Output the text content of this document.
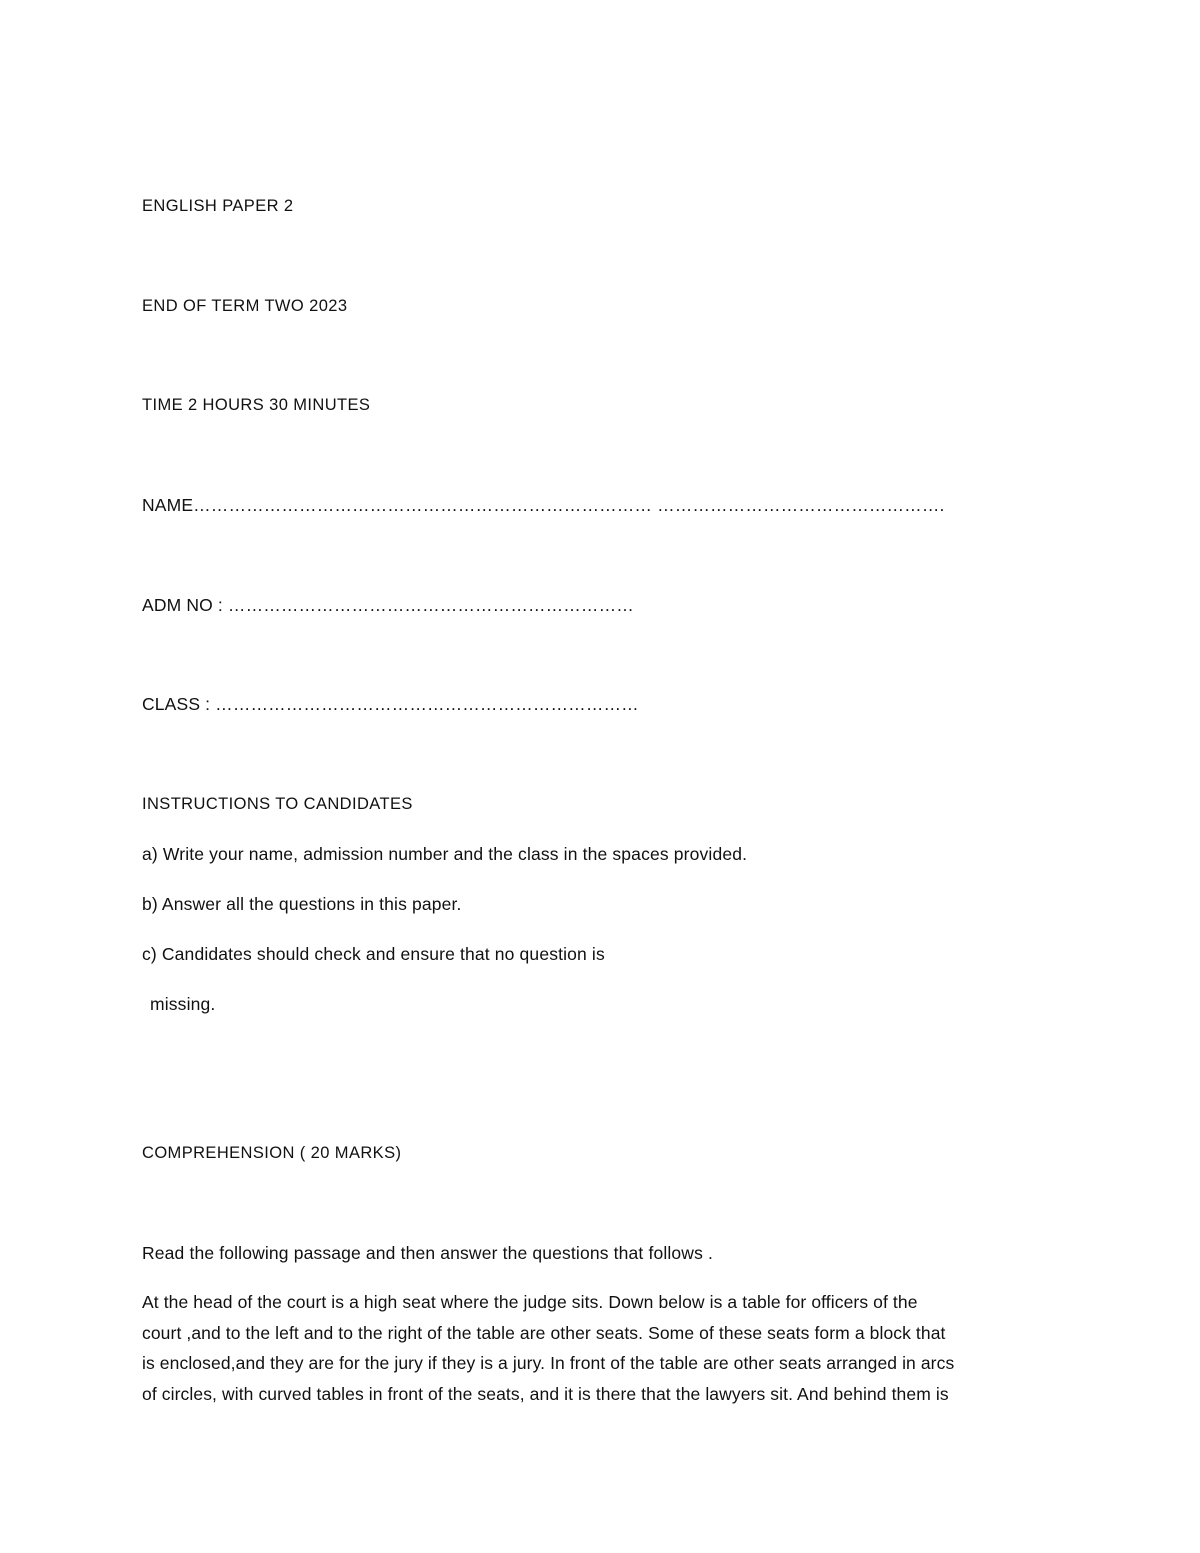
ENGLISH PAPER 2
END OF TERM TWO 2023
TIME 2 HOURS 30 MINUTES
NAME…………………………………………………………………… ………………………………………….
ADM NO : ……………………………………………………………
CLASS : ………………………………………………………………
INSTRUCTIONS TO CANDIDATES
a) Write your name, admission number and the class in the spaces provided.
b) Answer all the questions in this paper.
c) Candidates should check and ensure that no question is
missing.
COMPREHENSION ( 20 MARKS)
Read the following passage and then answer the questions that follows .
At the head of the court is a high seat where the judge sits. Down below is a table for officers of the
court ,and to the left and to the right of the table are other seats. Some of these seats form a block that
is enclosed,and they are for the jury if they is a jury. In front of the table are other seats arranged in arcs
of circles, with curved tables in front of the seats, and it is there that the lawyers sit. And behind them is
